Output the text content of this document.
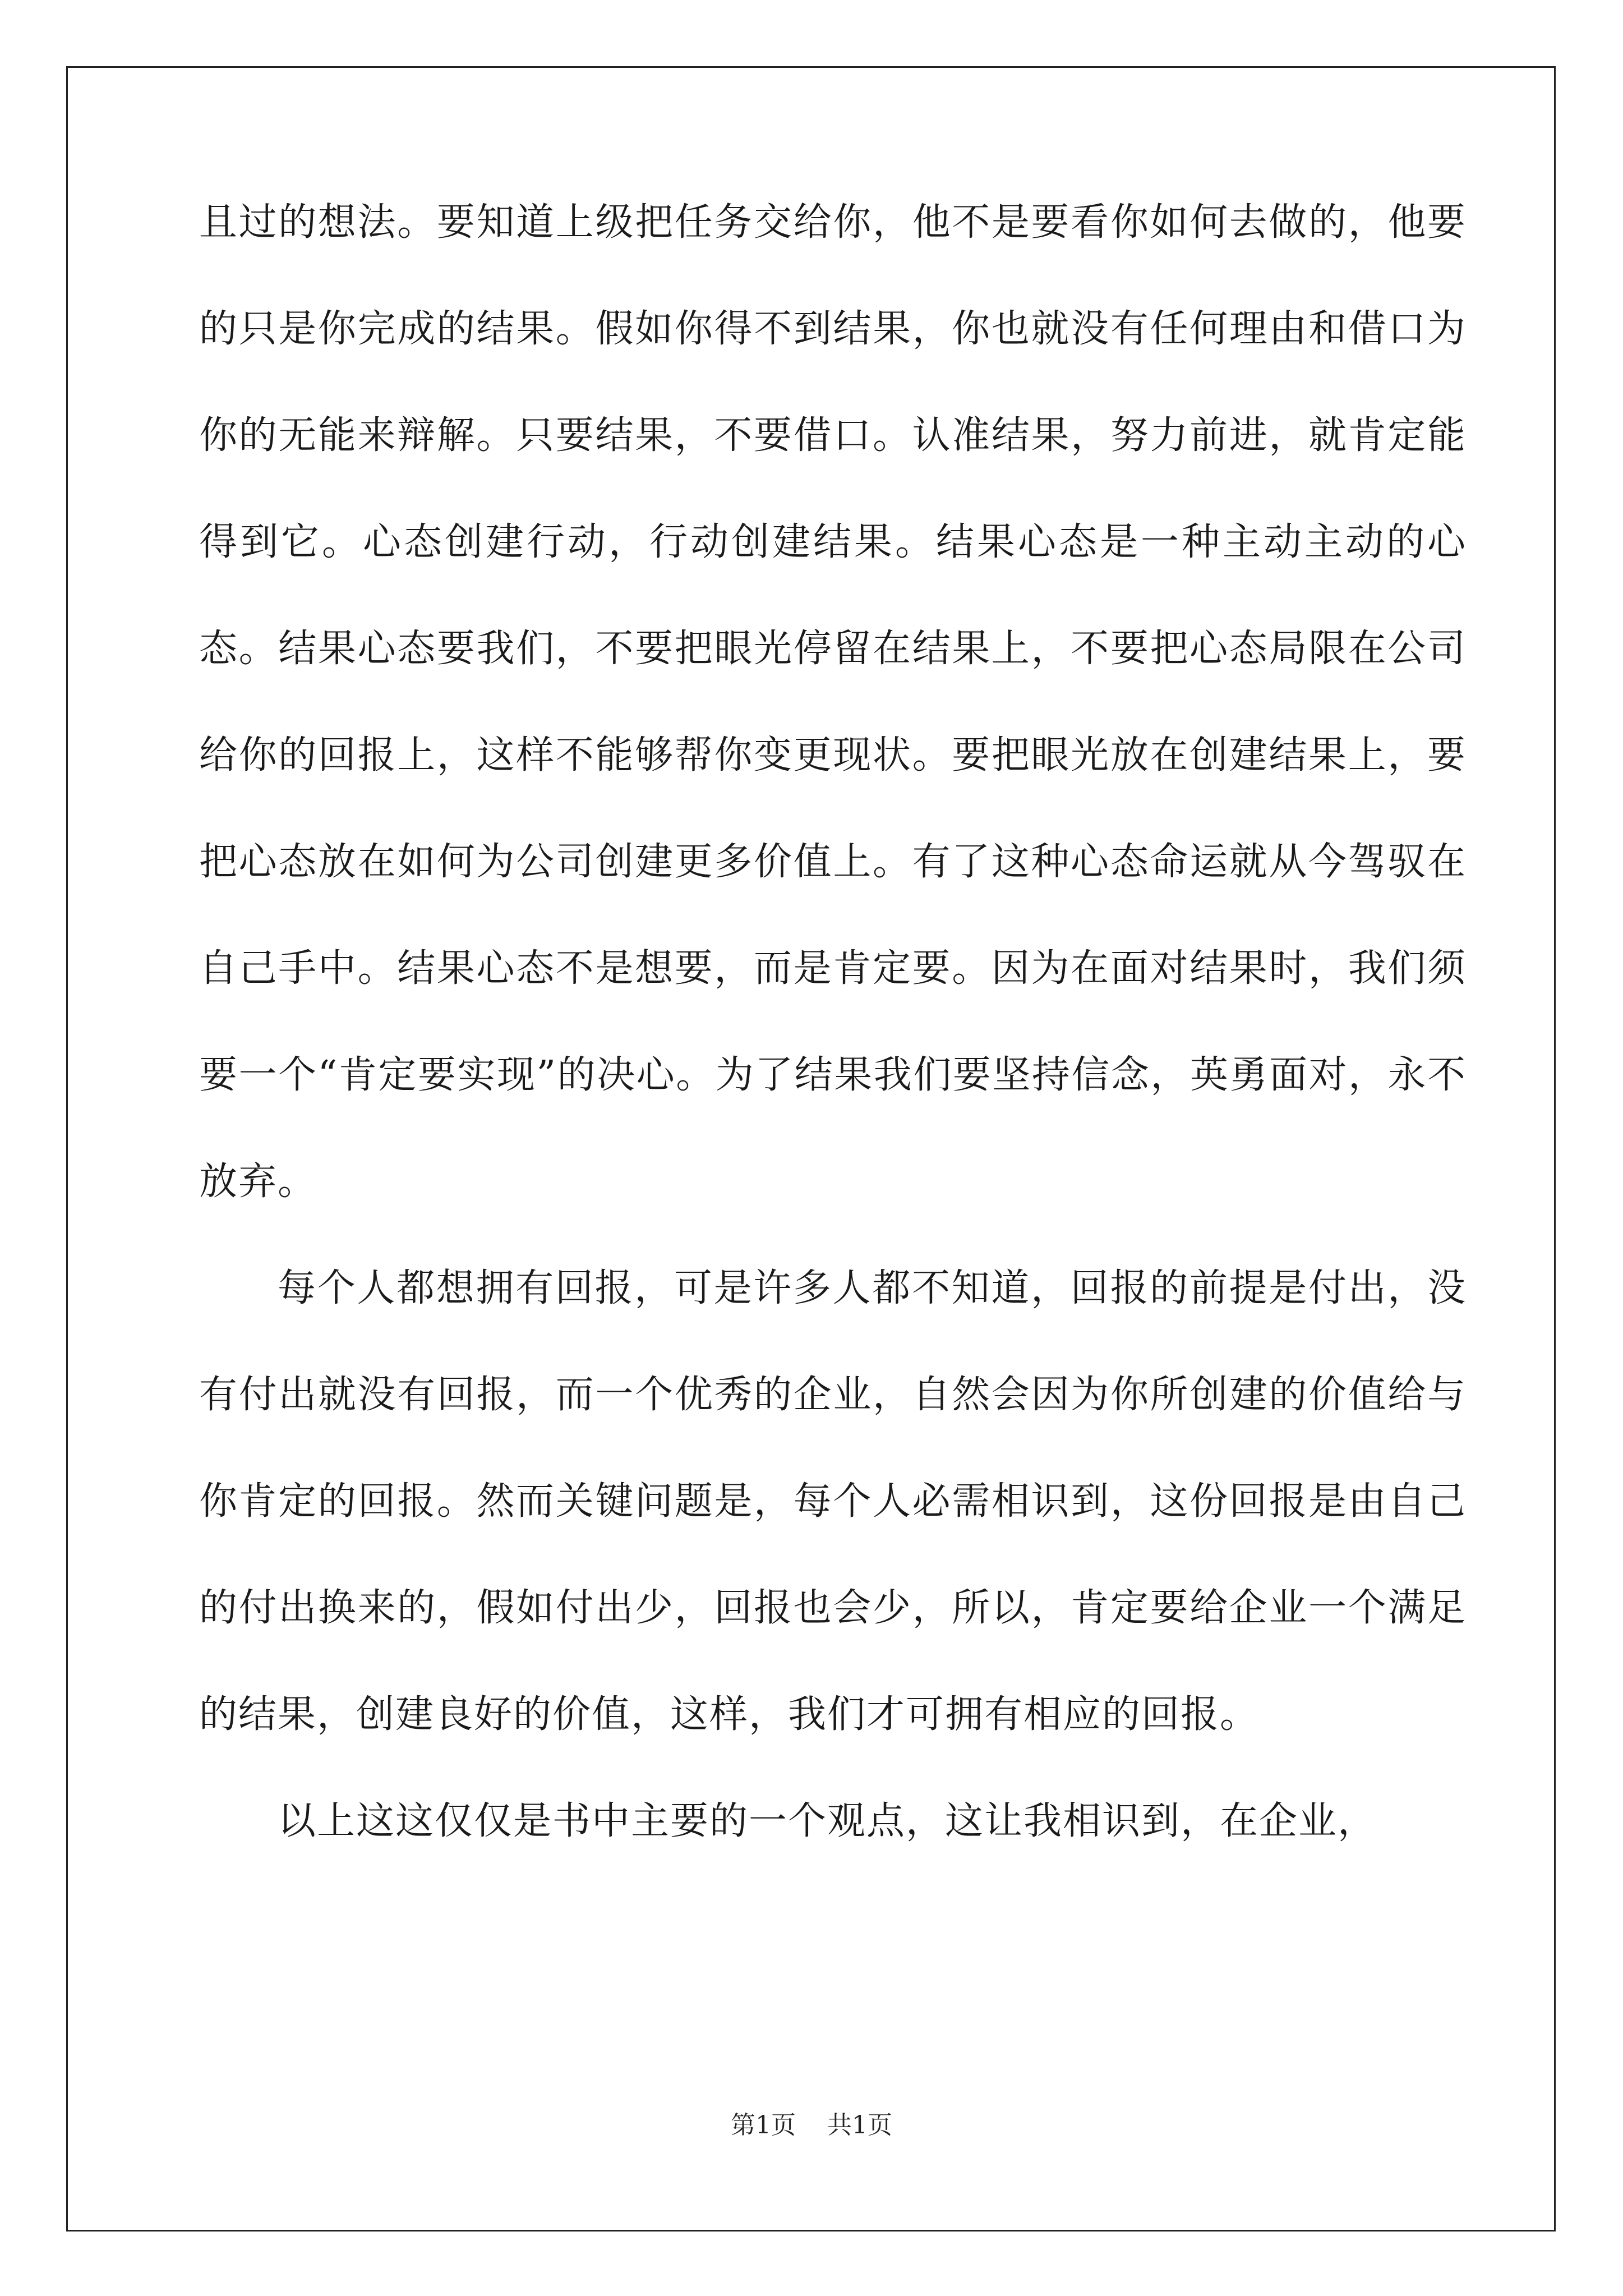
且过的想法。要知道上级把任务交给你，他不是要看你如何去做的，他要的只是你完成的结果。假如你得不到结果，你也就没有任何理由和借口为你的无能来辩解。只要结果，不要借口。认准结果，努力前进，就肯定能得到它。心态创建行动，行动创建结果。结果心态是一种主动主动的心态。结果心态要我们，不要把眼光停留在结果上，不要把心态局限在公司给你的回报上，这样不能够帮你变更现状。要把眼光放在创建结果上，要把心态放在如何为公司创建更多价值上。有了这种心态命运就从今驾驭在自己手中。结果心态不是想要，而是肯定要。因为在面对结果时，我们须要一个“肯定要实现”的决心。为了结果我们要坚持信念，英勇面对，永不放弃。

每个人都想拥有回报，可是许多人都不知道，回报的前提是付出，没有付出就没有回报，而一个优秀的企业，自然会因为你所创建的价值给与你肯定的回报。然而关键问题是，每个人必需相识到，这份回报是由自己的付出换来的，假如付出少，回报也会少，所以，肯定要给企业一个满足的结果，创建良好的价值，这样，我们才可拥有相应的回报。

以上这这仅仅是书中主要的一个观点，这让我相识到，在企业，

第1页 共1页
